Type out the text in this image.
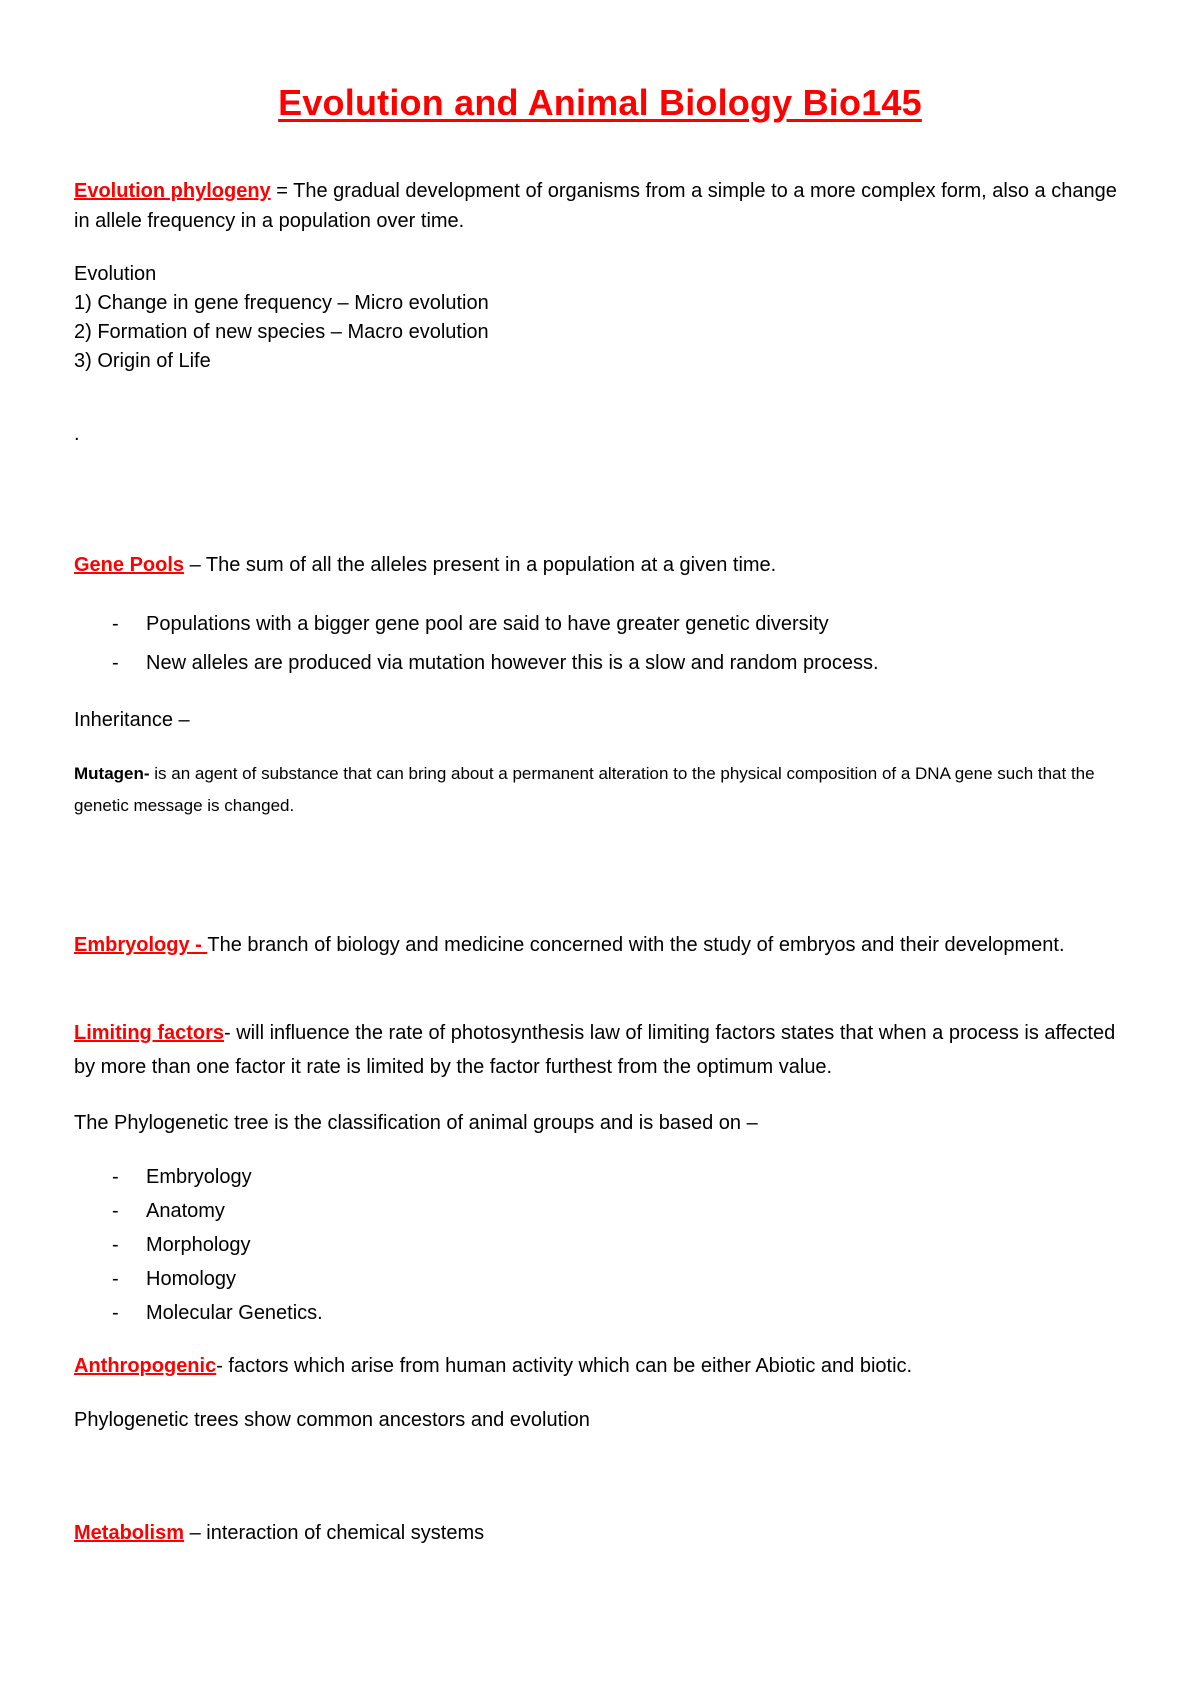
Evolution and Animal Biology Bio145
Evolution phylogeny = The gradual development of organisms from a simple to a more complex form, also a change in allele frequency in a population over time.
Evolution
1) Change in gene frequency – Micro evolution
2) Formation of new species – Macro evolution
3) Origin of Life
.
Gene Pools – The sum of all the alleles present in a population at a given time.
- Populations with a bigger gene pool are said to have greater genetic diversity
- New alleles are produced via mutation however this is a slow and random process.
Inheritance –
Mutagen- is an agent of substance that can bring about a permanent alteration to the physical composition of a DNA gene such that the genetic message is changed.
Embryology - The branch of biology and medicine concerned with the study of embryos and their development.
Limiting factors- will influence the rate of photosynthesis law of limiting factors states that when a process is affected by more than one factor it rate is limited by the factor furthest from the optimum value.
The Phylogenetic tree is the classification of animal groups and is based on –
- Embryology
- Anatomy
- Morphology
- Homology
- Molecular Genetics.
Anthropogenic- factors which arise from human activity which can be either Abiotic and biotic.
Phylogenetic trees show common ancestors and evolution
Metabolism – interaction of chemical systems
